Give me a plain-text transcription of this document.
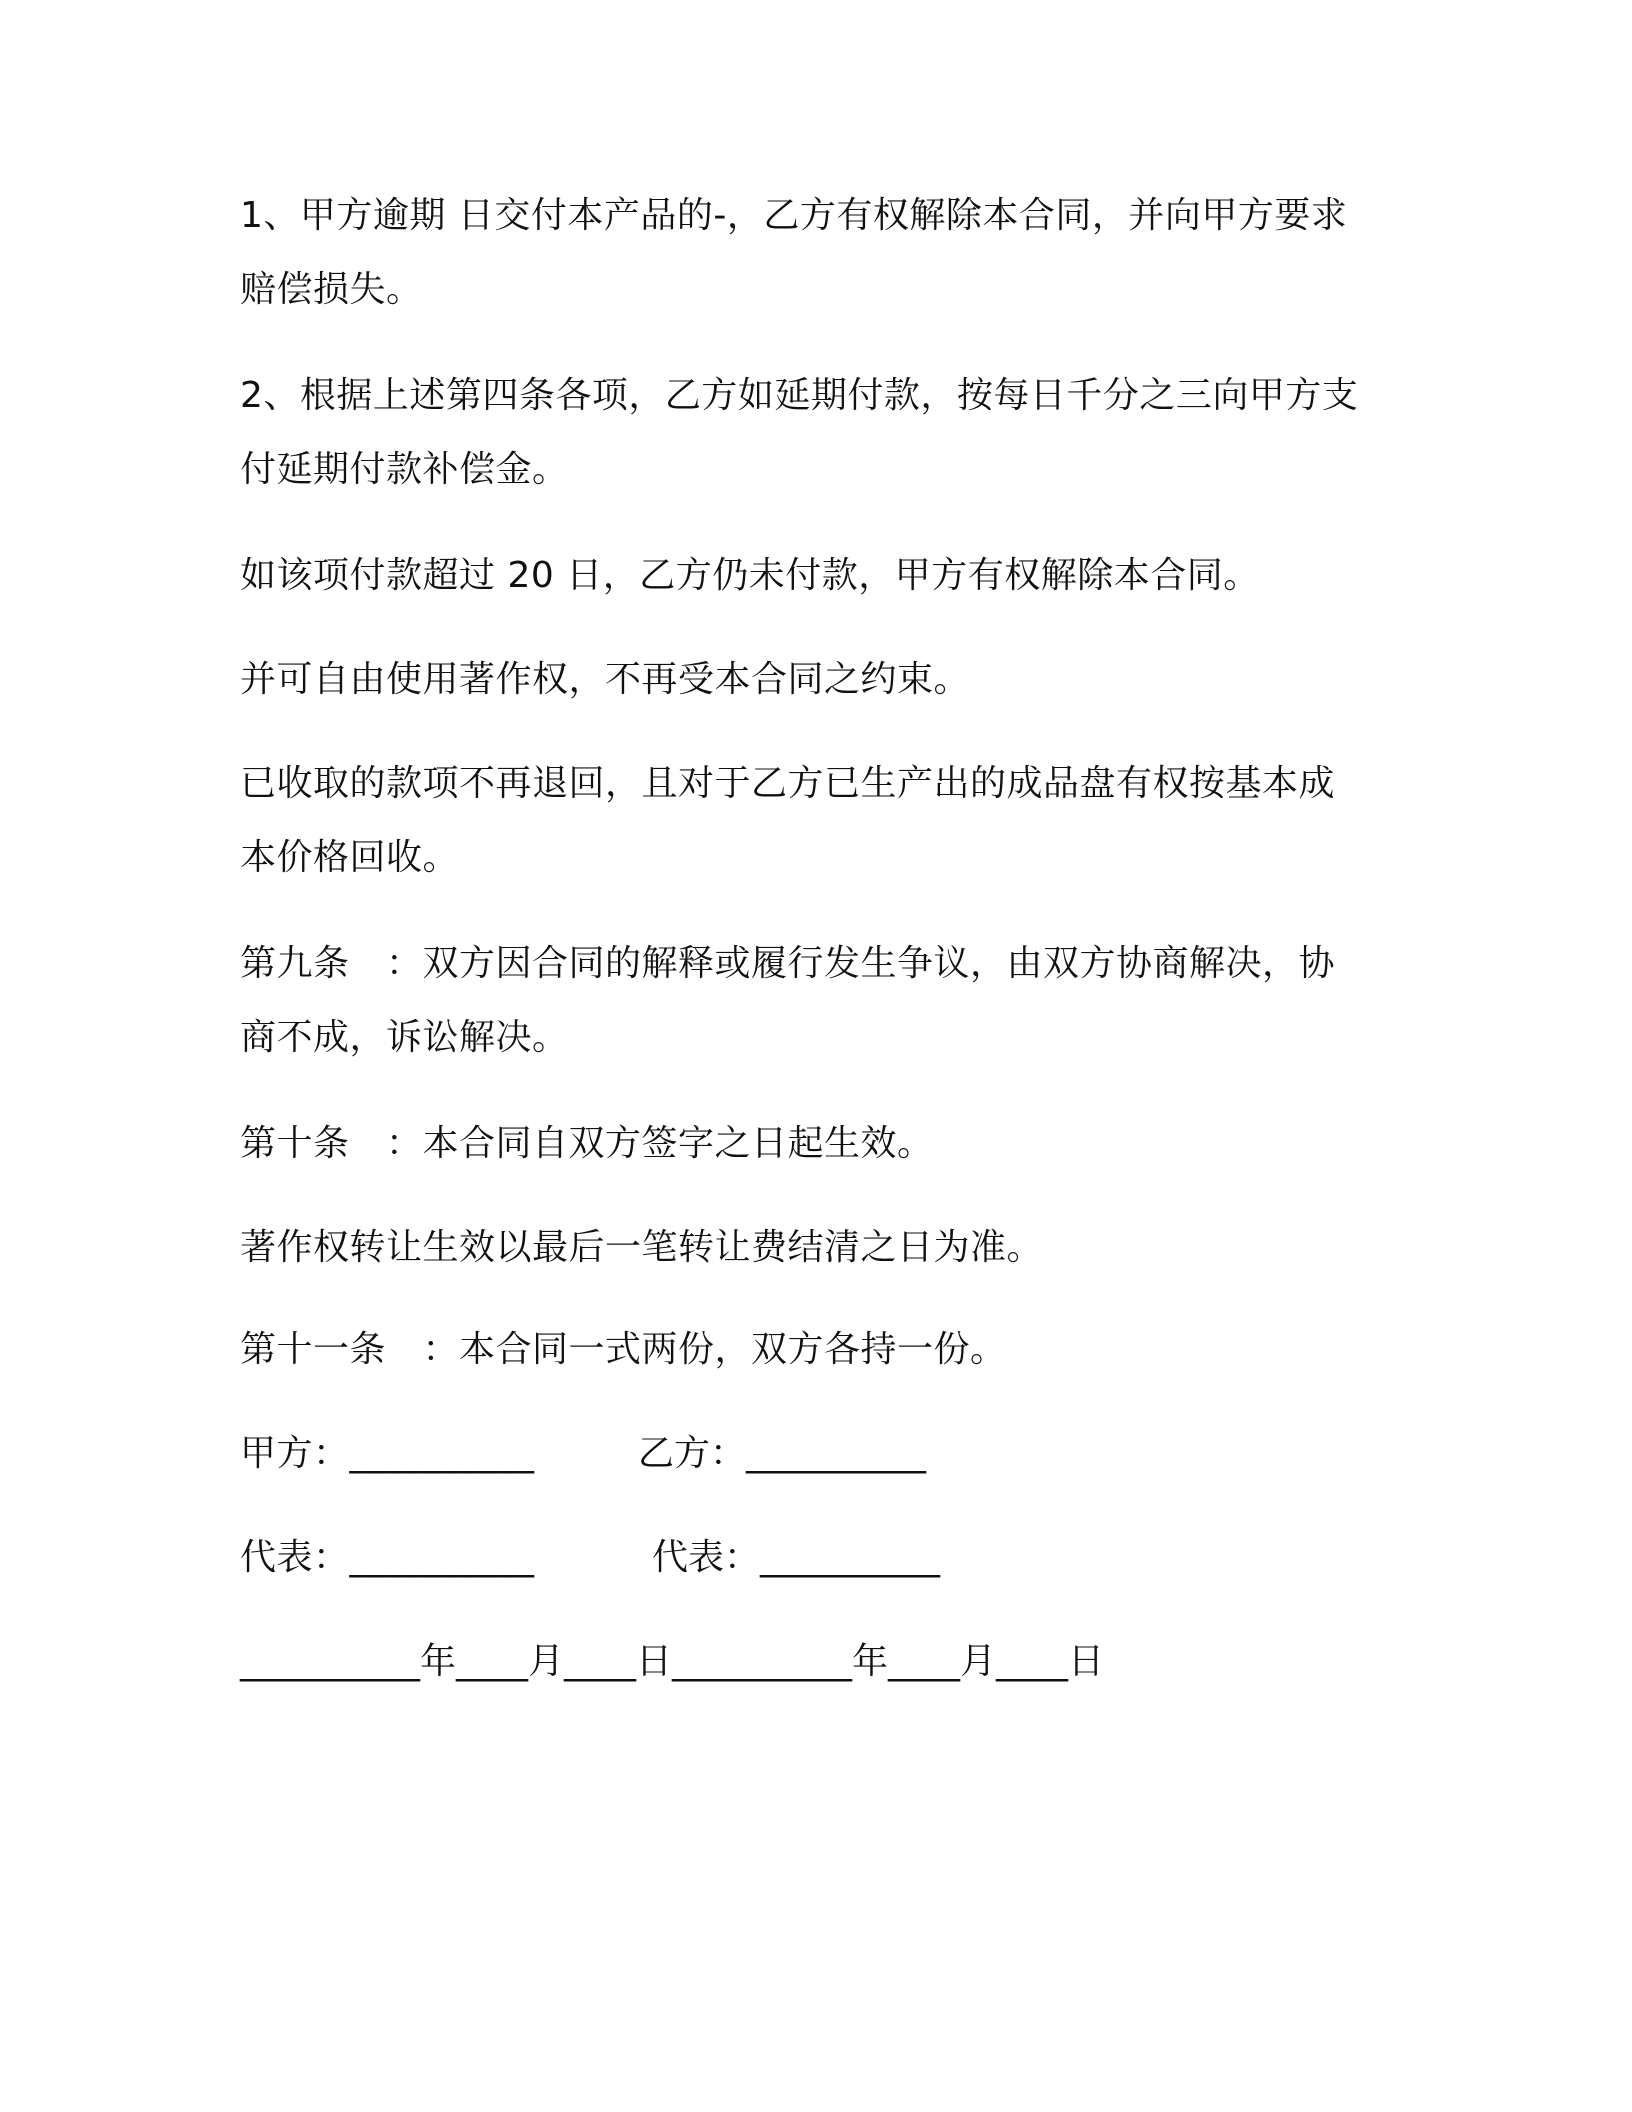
1、甲方逾期 日交付本产品的-，乙方有权解除本合同，并向甲方要求
赔偿损失。
2、根据上述第四条各项，乙方如延期付款，按每日千分之三向甲方支
付延期付款补偿金。
如该项付款超过 20 日，乙方仍未付款，甲方有权解除本合同。
并可自由使用著作权，不再受本合同之约束。
已收取的款项不再退回，且对于乙方已生产出的成品盘有权按基本成
本价格回收。
第九条　：双方因合同的解释或履行发生争议，由双方协商解决，协
商不成，诉讼解决。
第十条　：本合同自双方签字之日起生效。
著作权转让生效以最后一笔转让费结清之日为准。
第十一条　：本合同一式两份，双方各持一份。
甲方：__________	乙方：__________
代表：__________	代表：__________
__________年____月____日__________年____月____日
